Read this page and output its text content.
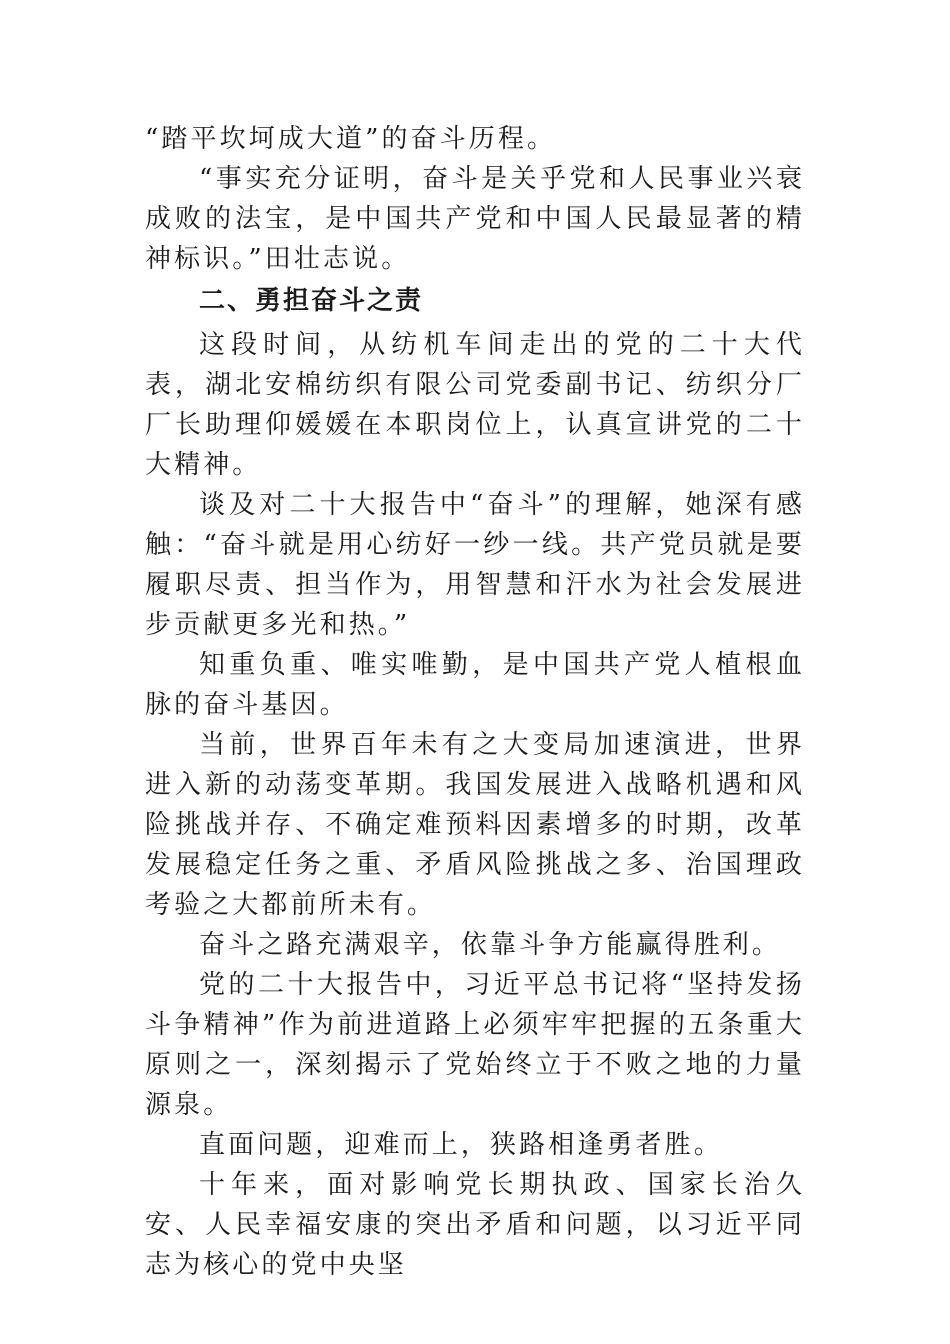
“踏平坎坷成大道”的奋斗历程。

“事实充分证明，奋斗是关乎党和人民事业兴衰成败的法宝，是中国共产党和中国人民最显著的精神标识。”田壮志说。

二、勇担奋斗之责

这段时间，从纺机车间走出的党的二十大代表，湖北安棉纺织有限公司党委副书记、纺织分厂厂长助理仰媛媛在本职岗位上，认真宣讲党的二十大精神。

谈及对二十大报告中“奋斗”的理解，她深有感触：“奋斗就是用心纺好一纱一线。共产党员就是要履职尽责、担当作为，用智慧和汗水为社会发展进步贡献更多光和热。”

知重负重、唯实唯勤，是中国共产党人植根血脉的奋斗基因。

当前，世界百年未有之大变局加速演进，世界进入新的动荡变革期。我国发展进入战略机遇和风险挑战并存、不确定难预料因素增多的时期，改革发展稳定任务之重、矛盾风险挑战之多、治国理政考验之大都前所未有。

奋斗之路充满艰辛，依靠斗争方能赢得胜利。

党的二十大报告中，习近平总书记将“坚持发扬斗争精神”作为前进道路上必须牢牢把握的五条重大原则之一，深刻揭示了党始终立于不败之地的力量源泉。

直面问题，迎难而上，狭路相逢勇者胜。

十年来，面对影响党长期执政、国家长治久安、人民幸福安康的突出矛盾和问题，以习近平同志为核心的党中央坚
